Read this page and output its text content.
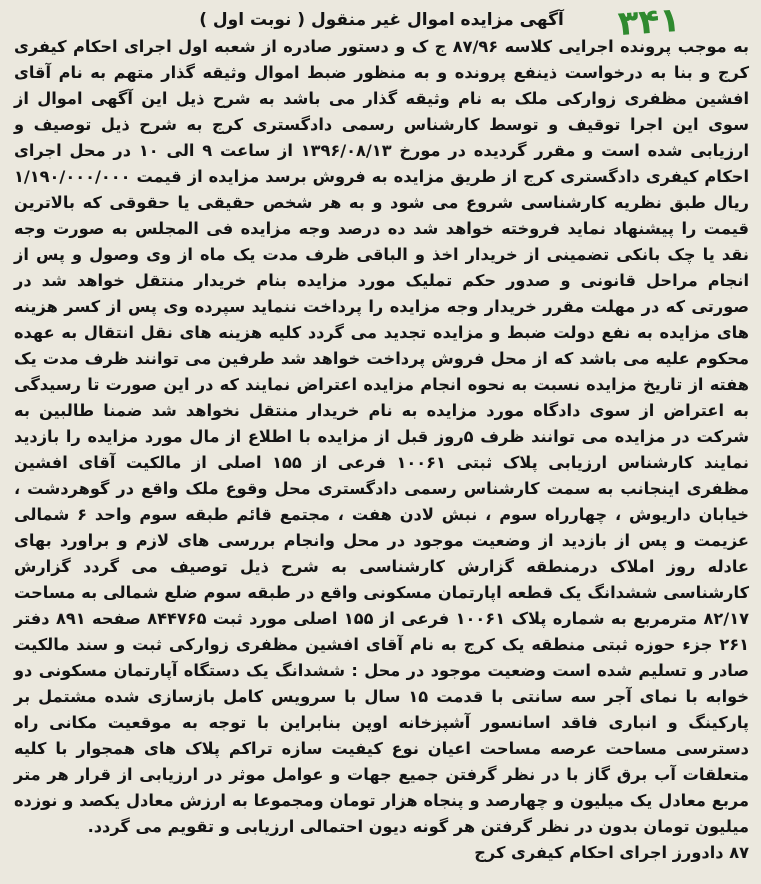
۳۴۱
آگهی مزایده اموال غیر منقول ( نوبت اول )

به موجب پرونده اجرایی کلاسه ۸۷/۹۶ ج ک و دستور صادره از شعبه اول اجرای احکام کیفری کرج و بنا به درخواست ذینفع پرونده و به منظور ضبط اموال وثیقه گذار متهم به نام آقای افشین مظفری زوارکی ملک به نام وثیقه گذار می باشد به شرح ذیل این آگهی اموال از سوی این اجرا توقیف و توسط کارشناس رسمی دادگستری کرج به شرح ذیل توصیف و ارزیابی شده است و مقرر گردیده در مورخ ۱۳۹۶/۰۸/۱۳ از ساعت ۹ الی ۱۰ در محل اجرای احکام کیفری دادگستری کرج از طریق مزایده به فروش برسد مزایده از قیمت ۱/۱۹۰/۰۰۰/۰۰۰ ریال طبق نظریه کارشناسی شروع می شود و به هر شخص حقیقی یا حقوقی که بالاترین قیمت را پیشنهاد نماید فروخته خواهد شد ده درصد وجه مزایده فی المجلس به صورت وجه نقد یا چک بانکی تضمینی از خریدار اخذ و الباقی ظرف مدت یک ماه از وی وصول و پس از انجام مراحل قانونی و صدور حکم تملیک مورد مزایده بنام خریدار منتقل خواهد شد در صورتی که در مهلت مقرر خریدار وجه مزایده را پرداخت ننماید سپرده وی پس از کسر هزینه های مزایده به نفع دولت ضبط و مزایده تجدید می گردد کلیه هزینه های نقل انتقال به عهده محکوم علیه می باشد که از محل فروش پرداخت خواهد شد طرفین می توانند ظرف مدت یک هفته از تاریخ مزایده نسبت به نحوه انجام مزایده اعتراض نمایند که در این صورت تا رسیدگی به اعتراض از سوی دادگاه مورد مزایده به نام خریدار منتقل نخواهد شد ضمنا طالبین به شرکت در مزایده می توانند ظرف ۵روز قبل از مزایده با اطلاع از مال مورد مزایده را بازدید نمایند کارشناس ارزیابی پلاک ثبتی ۱۰۰۶۱ فرعی از ۱۵۵ اصلی از مالکیت آقای افشین مظفری اینجانب به سمت کارشناس رسمی دادگستری محل وقوع ملک واقع در گوهردشت ، خیابان داریوش ، چهارراه سوم ، نبش لادن هفت ، مجتمع قائم طبقه سوم واحد ۶ شمالی عزیمت و پس از بازدید از وضعیت موجود در محل وانجام بررسی های لازم و براورد بهای عادله روز املاک درمنطقه گزارش کارشناسی به شرح ذیل توصیف می گردد گزارش کارشناسی ششدانگ یک قطعه اپارتمان مسکونی واقع در طبقه سوم ضلع شمالی به مساحت ۸۲/۱۷ مترمربع به شماره پلاک ۱۰۰۶۱ فرعی از ۱۵۵ اصلی مورد ثبت ۸۴۴۷۶۵ صفحه ۸۹۱ دفتر ۲۶۱ جزء حوزه ثبتی منطقه یک کرج به نام آقای افشین مظفری زوارکی ثبت و سند مالکیت صادر و تسلیم شده است وضعیت موجود در محل : ششدانگ یک دستگاه آپارتمان مسکونی دو خوابه با نمای آجر سه سانتی با قدمت ۱۵ سال با سرویس کامل بازسازی شده مشتمل بر پارکینگ و انباری فاقد اسانسور آشپزخانه اوپن بنابراین با توجه به موقعیت مکانی راه دسترسی مساحت عرصه مساحت اعیان نوع کیفیت سازه تراکم پلاک های همجوار با کلیه متعلقات آب برق گاز با در نظر گرفتن جمیع جهات و عوامل موثر در ارزیابی از قرار هر متر مربع معادل یک میلیون و چهارصد و پنجاه هزار تومان ومجموعا به ارزش معادل یکصد و نوزده میلیون تومان بدون در نظر گرفتن هر گونه دیون احتمالی ارزیابی و تقویم می گردد.

۸۷ دادورز اجرای احکام کیفری کرج
